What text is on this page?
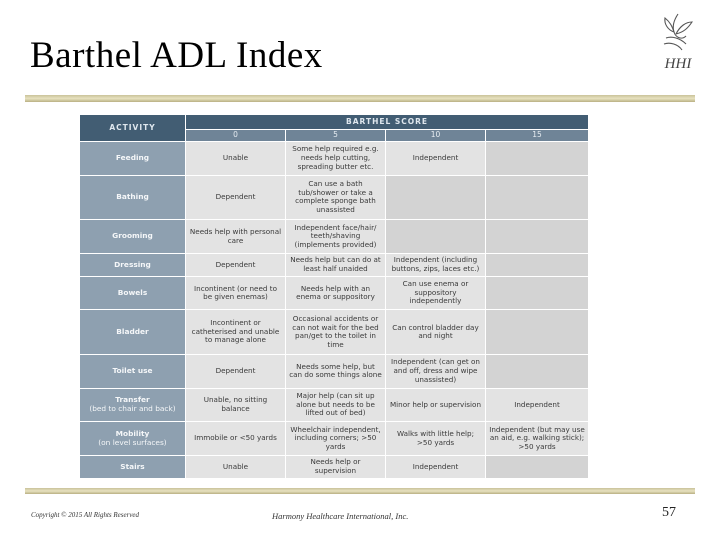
Barthel ADL Index	HHI
ACTIVITY	BARTHEL SCORE			
	0	5	10	15
Feeding	Unable	Some help required e.g. needs help cutting, spreading butter etc.	Independent	
Bathing	Dependent	Can use a bath tub/shower or take a complete sponge bath unassisted		
Grooming	Needs help with personal care	Independent face/hair/ teeth/shaving (implements provided)		
Dressing	Dependent	Needs help but can do at least half unaided	Independent (including buttons, zips, laces etc.)	
Bowels	Incontinent (or need to be given enemas)	Needs help with an enema or suppository	Can use enema or suppository independently	
Bladder	Incontinent or catheterised and unable to manage alone	Occasional accidents or can not wait for the bed pan/get to the toilet in time	Can control bladder day and night	
Toilet use	Dependent	Needs some help, but can do some things alone	Independent (can get on and off, dress and wipe unassisted)	
Transfer
(bed to chair and back)	Unable, no sitting balance	Major help (can sit up alone but needs to be lifted out of bed)	Minor help or supervision	Independent
Mobility
(on level surfaces)	Immobile or <50 yards	Wheelchair independent, including corners; >50 yards	Walks with little help; >50 yards	Independent (but may use an aid, e.g. walking stick); >50 yards
Stairs	Unable	Needs help or supervision	Independent	
Copyright © 2015 All Rights Reserved	Harmony Healthcare International, Inc.	57
